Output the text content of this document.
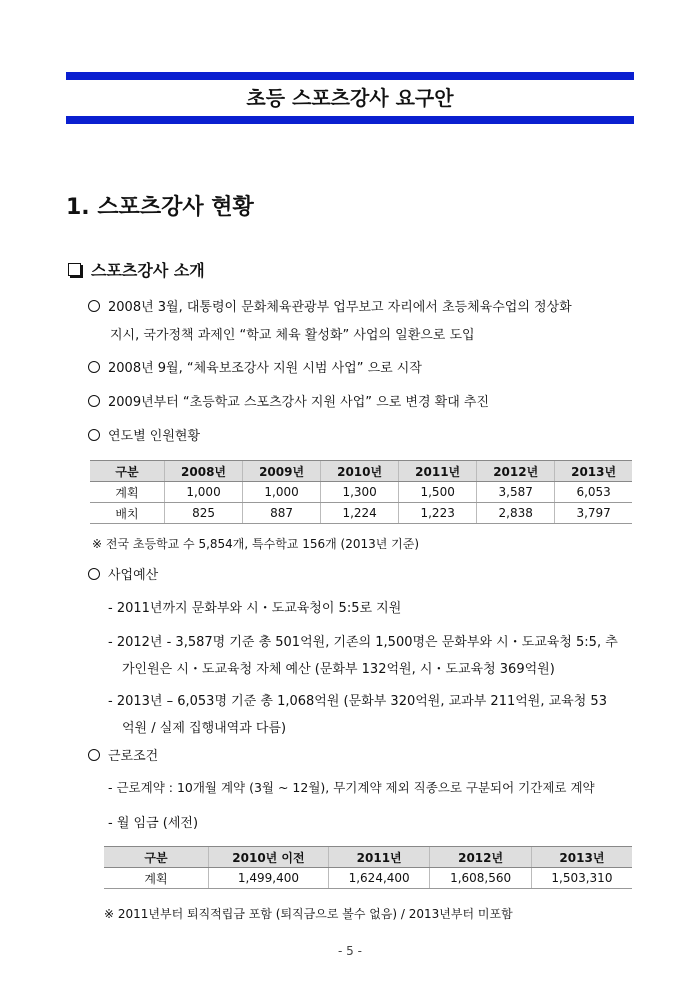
초등 스포츠강사 요구안
1. 스포츠강사 현황
스포츠강사 소개
2008년 3월, 대통령이 문화체육관광부 업무보고 자리에서 초등체육수업의 정상화
지시, 국가정책 과제인 “학교 체육 활성화” 사업의 일환으로 도입
2008년 9월, “체육보조강사 지원 시범 사업” 으로 시작
2009년부터 “초등학교 스포츠강사 지원 사업” 으로 변경 확대 추진
연도별 인원현황
구분	2008년	2009년	2010년	2011년	2012년	2013년
계획	1,000	1,000	1,300	1,500	3,587	6,053
배치	825	887	1,224	1,223	2,838	3,797
※ 전국 초등학교 수 5,854개, 특수학교 156개 (2013년 기준)
사업예산
- 2011년까지 문화부와 시・도교육청이 5:5로 지원
- 2012년 - 3,587명 기준 총 501억원, 기존의 1,500명은 문화부와 시・도교육청 5:5, 추
가인원은 시・도교육청 자체 예산 (문화부 132억원, 시・도교육청 369억원)
- 2013년 – 6,053명 기준 총 1,068억원 (문화부 320억원, 교과부 211억원, 교육청 53
억원 / 실제 집행내역과 다름)
근로조건
- 근로계약 : 10개월 계약 (3월 ~ 12월), 무기계약 제외 직종으로 구분되어 기간제로 계약
- 월 임금 (세전)
구분	2010년 이전	2011년	2012년	2013년
계획	1,499,400	1,624,400	1,608,560	1,503,310
※ 2011년부터 퇴직적립금 포함 (퇴직금으로 볼수 없음) / 2013년부터 미포함
- 5 -
